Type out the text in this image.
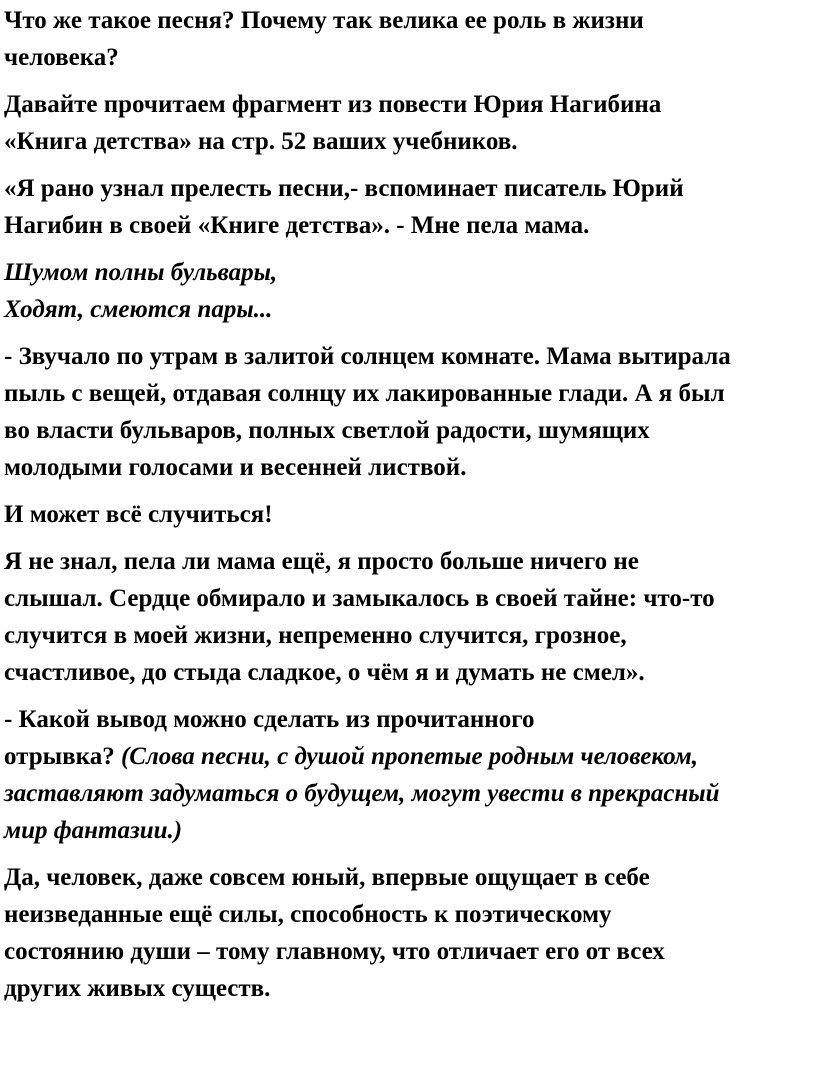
Что же такое песня? Почему так велика ее роль в жизни
человека?

Давайте прочитаем фрагмент из повести Юрия Нагибина
«Книга детства» на стр. 52 ваших учебников.

«Я рано узнал прелесть песни,- вспоминает писатель Юрий
Нагибин в своей «Книге детства». - Мне пела мама.

Шумом полны бульвары,
Ходят, смеются пары...

- Звучало по утрам в залитой солнцем комнате. Мама вытирала
пыль с вещей, отдавая солнцу их лакированные глади. А я был
во власти бульваров, полных светлой радости, шумящих
молодыми голосами и весенней листвой.

И может всё случиться!

Я не знал, пела ли мама ещё, я просто больше ничего не
слышал. Сердце обмирало и замыкалось в своей тайне: что-то
случится в моей жизни, непременно случится, грозное,
счастливое, до стыда сладкое, о чём я и думать не смел».

- Какой вывод можно сделать из прочитанного
отрывка? (Слова песни, с душой пропетые родным человеком,
заставляют задуматься о будущем, могут увести в прекрасный
мир фантазии.)

Да, человек, даже совсем юный, впервые ощущает в себе
неизведанные ещё силы, способность к поэтическому
состоянию души – тому главному, что отличает его от всех
других живых существ.
